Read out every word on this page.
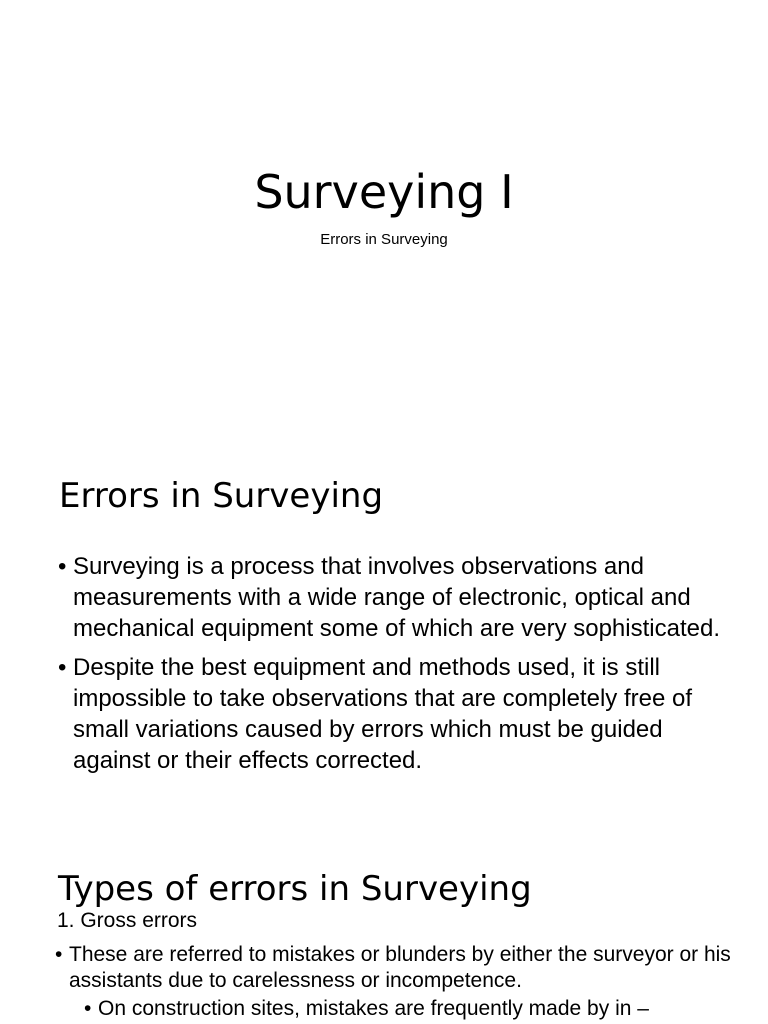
Surveying I
Errors in Surveying
Errors in Surveying
• Surveying is a process that involves observations and measurements with a wide range of electronic, optical and mechanical equipment some of which are very sophisticated.
• Despite the best equipment and methods used, it is still impossible to take observations that are completely free of small variations caused by errors which must be guided against or their effects corrected.
Types of errors in Surveying
1. Gross errors
• These are referred to mistakes or blunders by either the surveyor or his assistants due to carelessness or incompetence.
• On construction sites, mistakes are frequently made by in –
